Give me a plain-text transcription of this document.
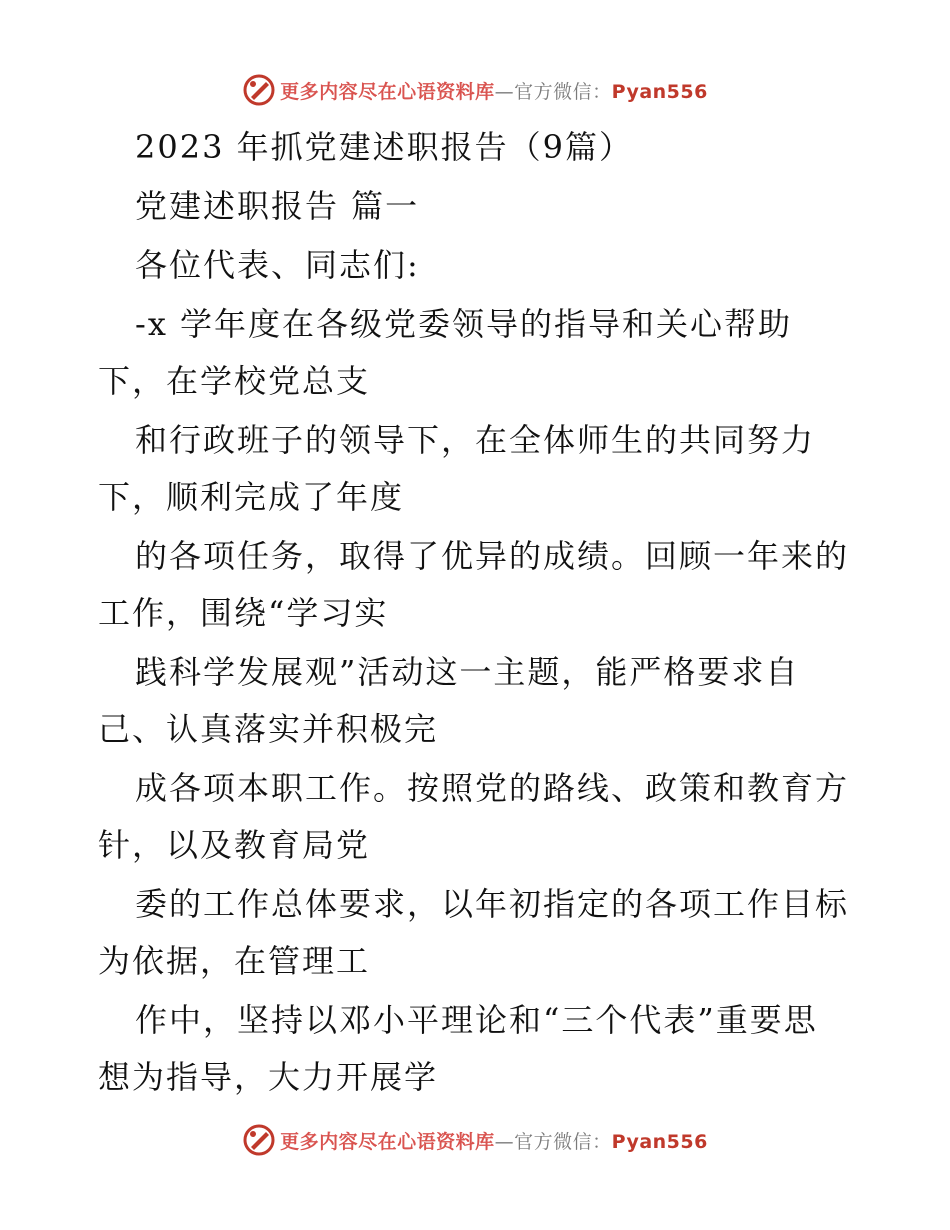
更多内容尽在心语资料库—官方微信：Pyan556
2023 年抓党建述职报告（9篇）
党建述职报告 篇一
各位代表、同志们:
-x 学年度在各级党委领导的指导和关心帮助
下，在学校党总支
和行政班子的领导下，在全体师生的共同努力
下，顺利完成了年度
的各项任务，取得了优异的成绩。回顾一年来的
工作，围绕“学习实
践科学发展观”活动这一主题，能严格要求自
己、认真落实并积极完
成各项本职工作。按照党的路线、政策和教育方
针，以及教育局党
委的工作总体要求，以年初指定的各项工作目标
为依据，在管理工
作中，坚持以邓小平理论和“三个代表”重要思
想为指导，大力开展学
更多内容尽在心语资料库—官方微信：Pyan556
